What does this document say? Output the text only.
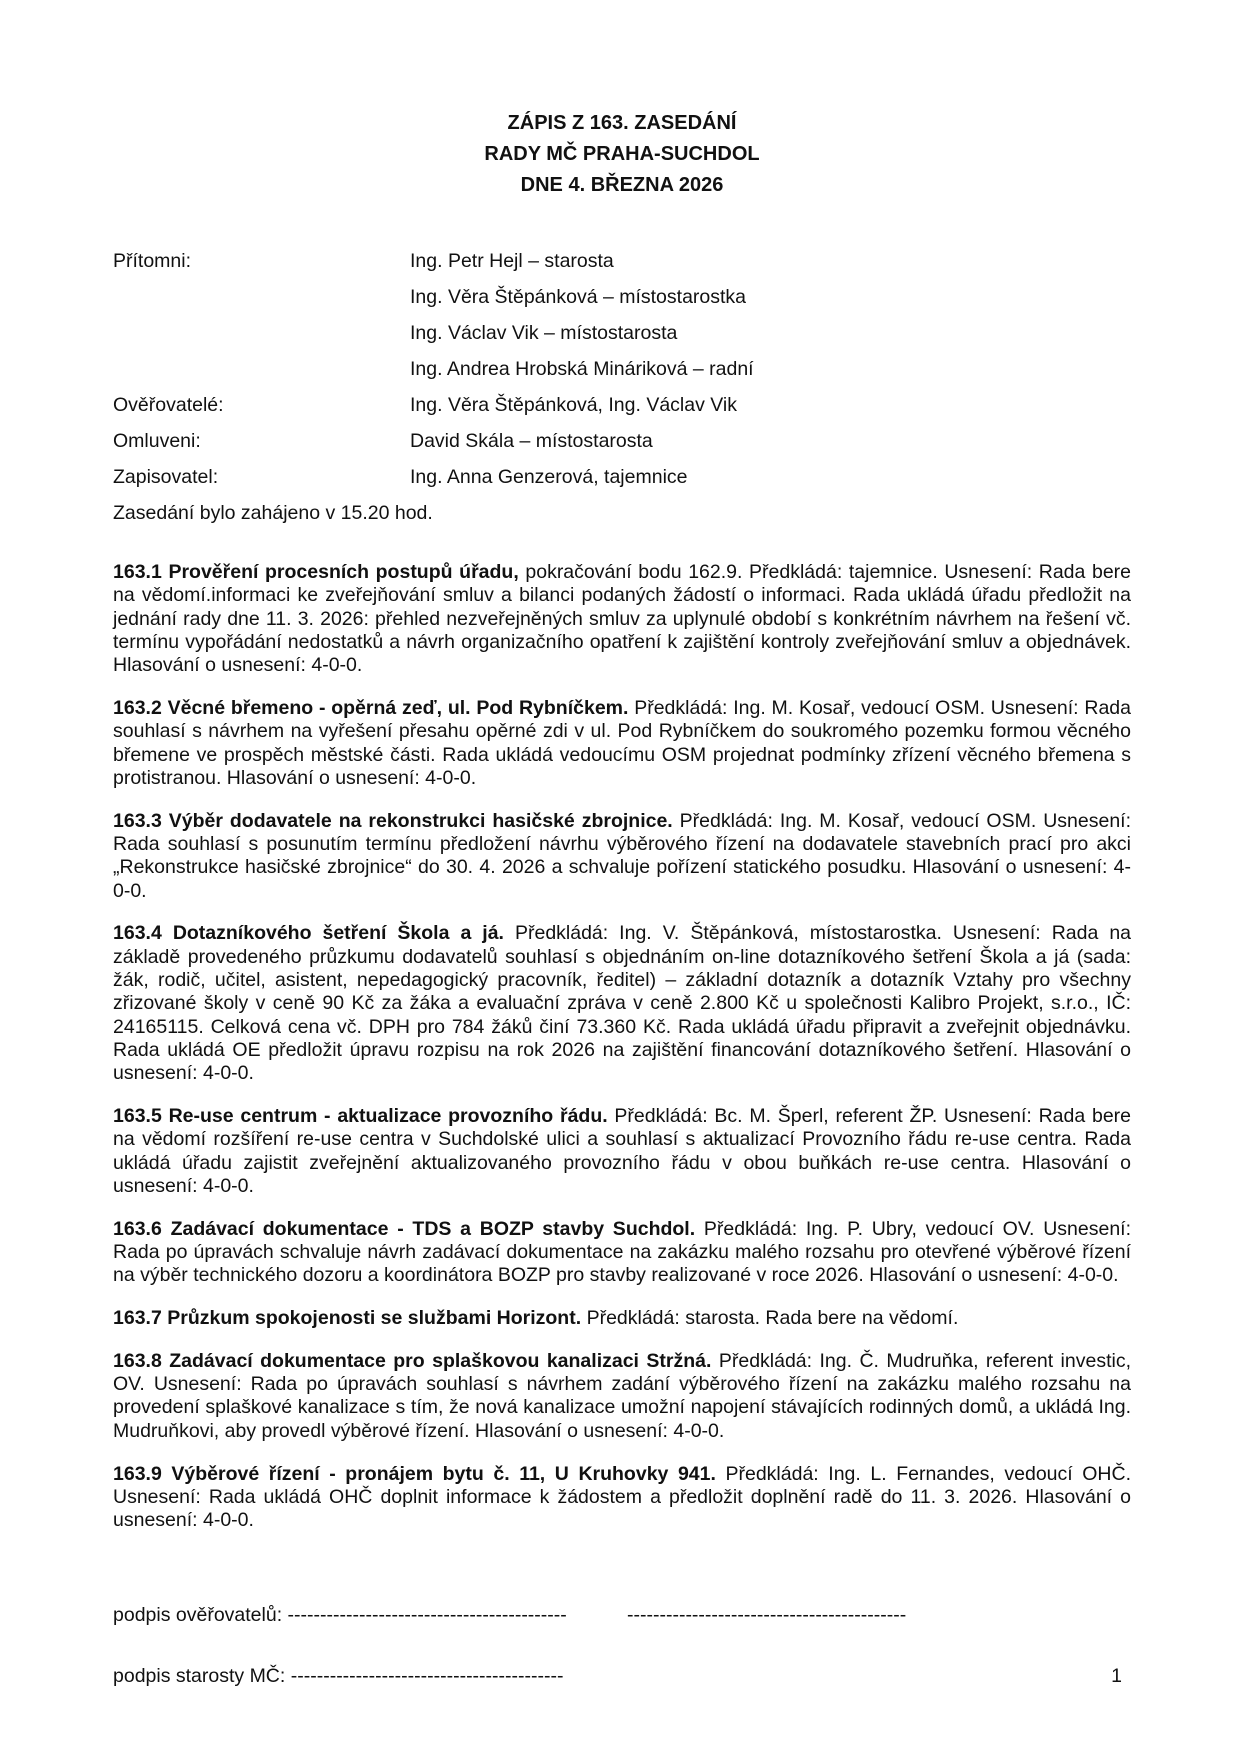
ZÁPIS Z 163. ZASEDÁNÍ
RADY MČ PRAHA-SUCHDOL
DNE 4. BŘEZNA 2026
Přítomni:	Ing. Petr Hejl – starosta
Ing. Věra Štěpánková – místostarostka
Ing. Václav Vik – místostarosta
Ing. Andrea Hrobská Mináriková – radní
Ověřovatelé:	Ing. Věra Štěpánková, Ing. Václav Vik
Omluveni:	David Skála – místostarosta
Zapisovatel:	Ing. Anna Genzerová, tajemnice
Zasedání bylo zahájeno v 15.20 hod.

163.1 Prověření procesních postupů úřadu, pokračování bodu 162.9. Předkládá: tajemnice. Usnesení: Rada bere na vědomí.informaci ke zveřejňování smluv a bilanci podaných žádostí o informaci. Rada ukládá úřadu předložit na jednání rady dne 11. 3. 2026: přehled nezveřejněných smluv za uplynulé období s konkrétním návrhem na řešení vč. termínu vypořádání nedostatků a návrh organizačního opatření k zajištění kontroly zveřejňování smluv a objednávek. Hlasování o usnesení: 4-0-0.

163.2 Věcné břemeno - opěrná zeď, ul. Pod Rybníčkem. Předkládá: Ing. M. Kosař, vedoucí OSM. Usnesení: Rada souhlasí s návrhem na vyřešení přesahu opěrné zdi v ul. Pod Rybníčkem do soukromého pozemku formou věcného břemene ve prospěch městské části. Rada ukládá vedoucímu OSM projednat podmínky zřízení věcného břemena s protistranou. Hlasování o usnesení: 4-0-0.

163.3 Výběr dodavatele na rekonstrukci hasičské zbrojnice. Předkládá: Ing. M. Kosař, vedoucí OSM. Usnesení: Rada souhlasí s posunutím termínu předložení návrhu výběrového řízení na dodavatele stavebních prací pro akci „Rekonstrukce hasičské zbrojnice“ do 30. 4. 2026 a schvaluje pořízení statického posudku. Hlasování o usnesení: 4-0-0.

163.4 Dotazníkového šetření Škola a já. Předkládá: Ing. V. Štěpánková, místostarostka. Usnesení: Rada na základě provedeného průzkumu dodavatelů souhlasí s objednáním on-line dotazníkového šetření Škola a já (sada: žák, rodič, učitel, asistent, nepedagogický pracovník, ředitel) – základní dotazník a dotazník Vztahy pro všechny zřizované školy v ceně 90 Kč za žáka a evaluační zpráva v ceně 2.800 Kč u společnosti Kalibro Projekt, s.r.o., IČ: 24165115. Celková cena vč. DPH pro 784 žáků činí 73.360 Kč. Rada ukládá úřadu připravit a zveřejnit objednávku. Rada ukládá OE předložit úpravu rozpisu na rok 2026 na zajištění financování dotazníkového šetření. Hlasování o usnesení: 4-0-0.

163.5 Re-use centrum - aktualizace provozního řádu. Předkládá: Bc. M. Šperl, referent ŽP. Usnesení: Rada bere na vědomí rozšíření re-use centra v Suchdolské ulici a souhlasí s aktualizací Provozního řádu re-use centra. Rada ukládá úřadu zajistit zveřejnění aktualizovaného provozního řádu v obou buňkách re-use centra. Hlasování o usnesení: 4-0-0.

163.6 Zadávací dokumentace - TDS a BOZP stavby Suchdol. Předkládá: Ing. P. Ubry, vedoucí OV. Usnesení: Rada po úpravách schvaluje návrh zadávací dokumentace na zakázku malého rozsahu pro otevřené výběrové řízení na výběr technického dozoru a koordinátora BOZP pro stavby realizované v roce 2026. Hlasování o usnesení: 4-0-0.

163.7 Průzkum spokojenosti se službami Horizont. Předkládá: starosta. Rada bere na vědomí.

163.8 Zadávací dokumentace pro splaškovou kanalizaci Stržná. Předkládá: Ing. Č. Mudruňka, referent investic, OV. Usnesení: Rada po úpravách souhlasí s návrhem zadání výběrového řízení na zakázku malého rozsahu na provedení splaškové kanalizace s tím, že nová kanalizace umožní napojení stávajících rodinných domů, a ukládá Ing. Mudruňkovi, aby provedl výběrové řízení. Hlasování o usnesení: 4-0-0.

163.9 Výběrové řízení - pronájem bytu č. 11, U Kruhovky 941. Předkládá: Ing. L. Fernandes, vedoucí OHČ. Usnesení: Rada ukládá OHČ doplnit informace k žádostem a předložit doplnění radě do 11. 3. 2026. Hlasování o usnesení: 4-0-0.

podpis ověřovatelů: -------------------------------------------	-------------------------------------------
podpis starosty MČ: ------------------------------------------	1
